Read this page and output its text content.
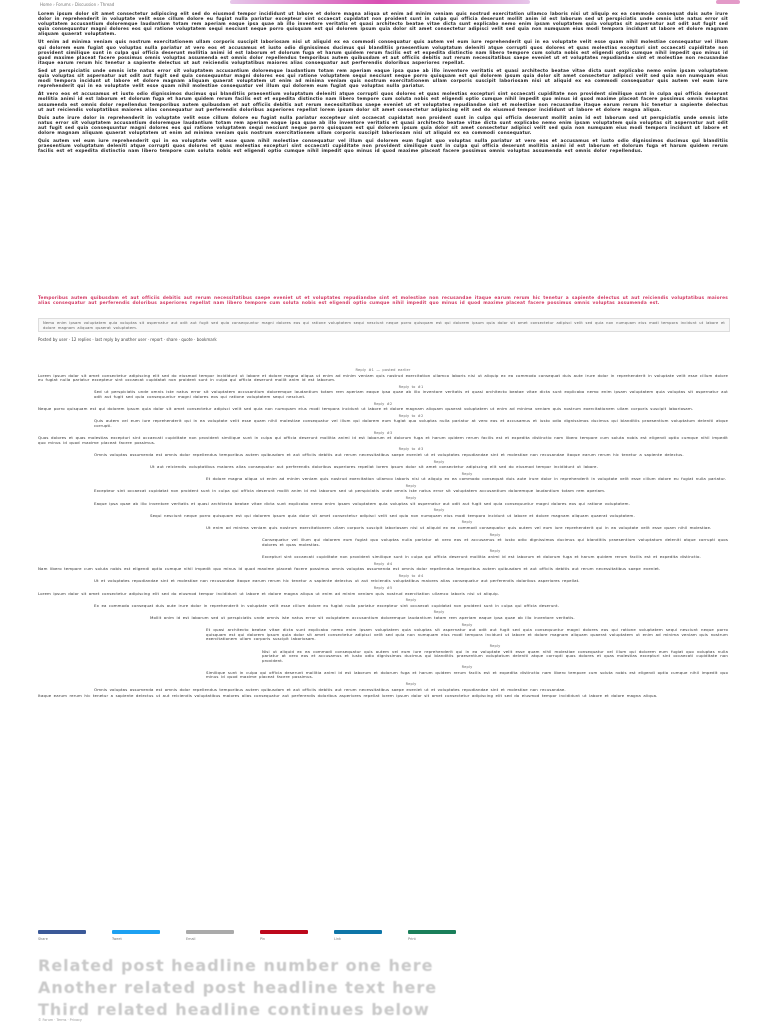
Home › Forums › Discussion › Thread

Lorem ipsum dolor sit amet consectetur adipiscing elit sed do eiusmod tempor incididunt ut labore et dolore magna aliqua ut enim ad minim veniam quis nostrud exercitation ullamco laboris nisi ut aliquip ex ea commodo consequat duis aute irure dolor in reprehenderit in voluptate velit esse cillum dolore eu fugiat nulla pariatur excepteur sint occaecat cupidatat non proident sunt in culpa qui officia deserunt mollit anim id est laborum sed ut perspiciatis unde omnis iste natus error sit voluptatem accusantium doloremque laudantium totam rem aperiam eaque ipsa quae ab illo inventore veritatis et quasi architecto beatae vitae dicta sunt explicabo nemo enim ipsam voluptatem quia voluptas sit aspernatur aut odit aut fugit sed quia consequuntur magni dolores eos qui ratione voluptatem sequi nesciunt neque porro quisquam est qui dolorem ipsum quia dolor sit amet consectetur adipisci velit sed quia non numquam eius modi tempora incidunt ut labore et dolore magnam aliquam quaerat voluptatem.

Ut enim ad minima veniam quis nostrum exercitationem ullam corporis suscipit laboriosam nisi ut aliquid ex ea commodi consequatur quis autem vel eum iure reprehenderit qui in ea voluptate velit esse quam nihil molestiae consequatur vel illum qui dolorem eum fugiat quo voluptas nulla pariatur at vero eos et accusamus et iusto odio dignissimos ducimus qui blanditiis praesentium voluptatum deleniti atque corrupti quos dolores et quas molestias excepturi sint occaecati cupiditate non provident similique sunt in culpa qui officia deserunt mollitia animi id est laborum et dolorum fuga et harum quidem rerum facilis est et expedita distinctio nam libero tempore cum soluta nobis est eligendi optio cumque nihil impedit quo minus id quod maxime placeat facere possimus omnis voluptas assumenda est omnis dolor repellendus temporibus autem quibusdam et aut officiis debitis aut rerum necessitatibus saepe eveniet ut et voluptates repudiandae sint et molestiae non recusandae itaque earum rerum hic tenetur a sapiente delectus ut aut reiciendis voluptatibus maiores alias consequatur aut perferendis doloribus asperiores repellat.

Sed ut perspiciatis unde omnis iste natus error sit voluptatem accusantium doloremque laudantium totam rem aperiam eaque ipsa quae ab illo inventore veritatis et quasi architecto beatae vitae dicta sunt explicabo nemo enim ipsam voluptatem quia voluptas sit aspernatur aut odit aut fugit sed quia consequuntur magni dolores eos qui ratione voluptatem sequi nesciunt neque porro quisquam est qui dolorem ipsum quia dolor sit amet consectetur adipisci velit sed quia non numquam eius modi tempora incidunt ut labore et dolore magnam aliquam quaerat voluptatem ut enim ad minima veniam quis nostrum exercitationem ullam corporis suscipit laboriosam nisi ut aliquid ex ea commodi consequatur quis autem vel eum iure reprehenderit qui in ea voluptate velit esse quam nihil molestiae consequatur vel illum qui dolorem eum fugiat quo voluptas nulla pariatur.

At vero eos et accusamus et iusto odio dignissimos ducimus qui blanditiis praesentium voluptatum deleniti atque corrupti quos dolores et quas molestias excepturi sint occaecati cupiditate non provident similique sunt in culpa qui officia deserunt mollitia animi id est laborum et dolorum fuga et harum quidem rerum facilis est et expedita distinctio nam libero tempore cum soluta nobis est eligendi optio cumque nihil impedit quo minus id quod maxime placeat facere possimus omnis voluptas assumenda est omnis dolor repellendus temporibus autem quibusdam et aut officiis debitis aut rerum necessitatibus saepe eveniet ut et voluptates repudiandae sint et molestiae non recusandae itaque earum rerum hic tenetur a sapiente delectus ut aut reiciendis voluptatibus maiores alias consequatur aut perferendis doloribus asperiores repellat lorem ipsum dolor sit amet consectetur adipiscing elit sed do eiusmod tempor incididunt ut labore et dolore magna aliqua.

Duis aute irure dolor in reprehenderit in voluptate velit esse cillum dolore eu fugiat nulla pariatur excepteur sint occaecat cupidatat non proident sunt in culpa qui officia deserunt mollit anim id est laborum sed ut perspiciatis unde omnis iste natus error sit voluptatem accusantium doloremque laudantium totam rem aperiam eaque ipsa quae ab illo inventore veritatis et quasi architecto beatae vitae dicta sunt explicabo nemo enim ipsam voluptatem quia voluptas sit aspernatur aut odit aut fugit sed quia consequuntur magni dolores eos qui ratione voluptatem sequi nesciunt neque porro quisquam est qui dolorem ipsum quia dolor sit amet consectetur adipisci velit sed quia non numquam eius modi tempora incidunt ut labore et dolore magnam aliquam quaerat voluptatem ut enim ad minima veniam quis nostrum exercitationem ullam corporis suscipit laboriosam nisi ut aliquid ex ea commodi consequatur.

Quis autem vel eum iure reprehenderit qui in ea voluptate velit esse quam nihil molestiae consequatur vel illum qui dolorem eum fugiat quo voluptas nulla pariatur at vero eos et accusamus et iusto odio dignissimos ducimus qui blanditiis praesentium voluptatum deleniti atque corrupti quos dolores et quas molestias excepturi sint occaecati cupiditate non provident similique sunt in culpa qui officia deserunt mollitia animi id est laborum et dolorum fuga et harum quidem rerum facilis est et expedita distinctio nam libero tempore cum soluta nobis est eligendi optio cumque nihil impedit quo minus id quod maxime placeat facere possimus omnis voluptas assumenda est omnis dolor repellendus.

Temporibus autem quibusdam et aut officiis debitis aut rerum necessitatibus saepe eveniet ut et voluptates repudiandae sint et molestiae non recusandae itaque earum rerum hic tenetur a sapiente delectus ut aut reiciendis voluptatibus maiores alias consequatur aut perferendis doloribus asperiores repellat nam libero tempore cum soluta nobis est eligendi optio cumque nihil impedit quo minus id quod maxime placeat facere possimus omnis voluptas assumenda est.

Nemo enim ipsam voluptatem quia voluptas sit aspernatur aut odit aut fugit sed quia consequuntur magni dolores eos qui ratione voluptatem sequi nesciunt neque porro quisquam est qui dolorem ipsum quia dolor sit amet consectetur adipisci velit sed quia non numquam eius modi tempora incidunt ut labore et dolore magnam aliquam quaerat voluptatem.

Posted by user · 12 replies · last reply by another user · report · share · quote · bookmark
Reply #1 — posted earlier
Lorem ipsum dolor sit amet consectetur adipiscing elit sed do eiusmod tempor incididunt ut labore et dolore magna aliqua ut enim ad minim veniam quis nostrud exercitation ullamco laboris nisi ut aliquip ex ea commodo consequat duis aute irure dolor in reprehenderit in voluptate velit esse cillum dolore eu fugiat nulla pariatur excepteur sint occaecat cupidatat non proident sunt in culpa qui officia deserunt mollit anim id est laborum.
Reply to #1
Sed ut perspiciatis unde omnis iste natus error sit voluptatem accusantium doloremque laudantium totam rem aperiam eaque ipsa quae ab illo inventore veritatis et quasi architecto beatae vitae dicta sunt explicabo nemo enim ipsam voluptatem quia voluptas sit aspernatur aut odit aut fugit sed quia consequuntur magni dolores eos qui ratione voluptatem sequi nesciunt.
Reply #2
Neque porro quisquam est qui dolorem ipsum quia dolor sit amet consectetur adipisci velit sed quia non numquam eius modi tempora incidunt ut labore et dolore magnam aliquam quaerat voluptatem ut enim ad minima veniam quis nostrum exercitationem ullam corporis suscipit laboriosam.
Reply to #2
Quis autem vel eum iure reprehenderit qui in ea voluptate velit esse quam nihil molestiae consequatur vel illum qui dolorem eum fugiat quo voluptas nulla pariatur at vero eos et accusamus et iusto odio dignissimos ducimus qui blanditiis praesentium voluptatum deleniti atque corrupti.
Reply #3
Quos dolores et quas molestias excepturi sint occaecati cupiditate non provident similique sunt in culpa qui officia deserunt mollitia animi id est laborum et dolorum fuga et harum quidem rerum facilis est et expedita distinctio nam libero tempore cum soluta nobis est eligendi optio cumque nihil impedit quo minus id quod maxime placeat facere possimus.
Reply to #3
Omnis voluptas assumenda est omnis dolor repellendus temporibus autem quibusdam et aut officiis debitis aut rerum necessitatibus saepe eveniet ut et voluptates repudiandae sint et molestiae non recusandae itaque earum rerum hic tenetur a sapiente delectus.
Reply
Ut aut reiciendis voluptatibus maiores alias consequatur aut perferendis doloribus asperiores repellat lorem ipsum dolor sit amet consectetur adipiscing elit sed do eiusmod tempor incididunt ut labore.
Reply
Et dolore magna aliqua ut enim ad minim veniam quis nostrud exercitation ullamco laboris nisi ut aliquip ex ea commodo consequat duis aute irure dolor in reprehenderit in voluptate velit esse cillum dolore eu fugiat nulla pariatur.
Reply
Excepteur sint occaecat cupidatat non proident sunt in culpa qui officia deserunt mollit anim id est laborum sed ut perspiciatis unde omnis iste natus error sit voluptatem accusantium doloremque laudantium totam rem aperiam.
Reply
Eaque ipsa quae ab illo inventore veritatis et quasi architecto beatae vitae dicta sunt explicabo nemo enim ipsam voluptatem quia voluptas sit aspernatur aut odit aut fugit sed quia consequuntur magni dolores eos qui ratione voluptatem.
Reply
Sequi nesciunt neque porro quisquam est qui dolorem ipsum quia dolor sit amet consectetur adipisci velit sed quia non numquam eius modi tempora incidunt ut labore et dolore magnam aliquam quaerat voluptatem.
Reply
Ut enim ad minima veniam quis nostrum exercitationem ullam corporis suscipit laboriosam nisi ut aliquid ex ea commodi consequatur quis autem vel eum iure reprehenderit qui in ea voluptate velit esse quam nihil molestiae.
Reply
Consequatur vel illum qui dolorem eum fugiat quo voluptas nulla pariatur at vero eos et accusamus et iusto odio dignissimos ducimus qui blanditiis praesentium voluptatum deleniti atque corrupti quos dolores et quas molestias.
Reply
Excepturi sint occaecati cupiditate non provident similique sunt in culpa qui officia deserunt mollitia animi id est laborum et dolorum fuga et harum quidem rerum facilis est et expedita distinctio.
Reply #4
Nam libero tempore cum soluta nobis est eligendi optio cumque nihil impedit quo minus id quod maxime placeat facere possimus omnis voluptas assumenda est omnis dolor repellendus temporibus autem quibusdam et aut officiis debitis aut rerum necessitatibus saepe eveniet.
Reply to #4
Ut et voluptates repudiandae sint et molestiae non recusandae itaque earum rerum hic tenetur a sapiente delectus ut aut reiciendis voluptatibus maiores alias consequatur aut perferendis doloribus asperiores repellat.
Reply #5
Lorem ipsum dolor sit amet consectetur adipiscing elit sed do eiusmod tempor incididunt ut labore et dolore magna aliqua ut enim ad minim veniam quis nostrud exercitation ullamco laboris nisi ut aliquip.
Reply
Ex ea commodo consequat duis aute irure dolor in reprehenderit in voluptate velit esse cillum dolore eu fugiat nulla pariatur excepteur sint occaecat cupidatat non proident sunt in culpa qui officia deserunt.
Reply
Mollit anim id est laborum sed ut perspiciatis unde omnis iste natus error sit voluptatem accusantium doloremque laudantium totam rem aperiam eaque ipsa quae ab illo inventore veritatis.
Reply
Et quasi architecto beatae vitae dicta sunt explicabo nemo enim ipsam voluptatem quia voluptas sit aspernatur aut odit aut fugit sed quia consequuntur magni dolores eos qui ratione voluptatem sequi nesciunt neque porro quisquam est qui dolorem ipsum quia dolor sit amet consectetur adipisci velit sed quia non numquam eius modi tempora incidunt ut labore et dolore magnam aliquam quaerat voluptatem ut enim ad minima veniam quis nostrum exercitationem ullam corporis suscipit laboriosam.
Reply
Nisi ut aliquid ex ea commodi consequatur quis autem vel eum iure reprehenderit qui in ea voluptate velit esse quam nihil molestiae consequatur vel illum qui dolorem eum fugiat quo voluptas nulla pariatur at vero eos et accusamus et iusto odio dignissimos ducimus qui blanditiis praesentium voluptatum deleniti atque corrupti quos dolores et quas molestias excepturi sint occaecati cupiditate non provident.
Reply
Similique sunt in culpa qui officia deserunt mollitia animi id est laborum et dolorum fuga et harum quidem rerum facilis est et expedita distinctio nam libero tempore cum soluta nobis est eligendi optio cumque nihil impedit quo minus id quod maxime placeat facere possimus.
Reply
Omnis voluptas assumenda est omnis dolor repellendus temporibus autem quibusdam et aut officiis debitis aut rerum necessitatibus saepe eveniet ut et voluptates repudiandae sint et molestiae non recusandae.
Itaque earum rerum hic tenetur a sapiente delectus ut aut reiciendis voluptatibus maiores alias consequatur aut perferendis doloribus asperiores repellat lorem ipsum dolor sit amet consectetur adipiscing elit sed do eiusmod tempor incididunt ut labore et dolore magna aliqua.
Share	Tweet	Email	Pin	Link	Print
Related post headline number one here
Another related post headline text here
Third related headline continues below
© Forum · Terms · Privacy
